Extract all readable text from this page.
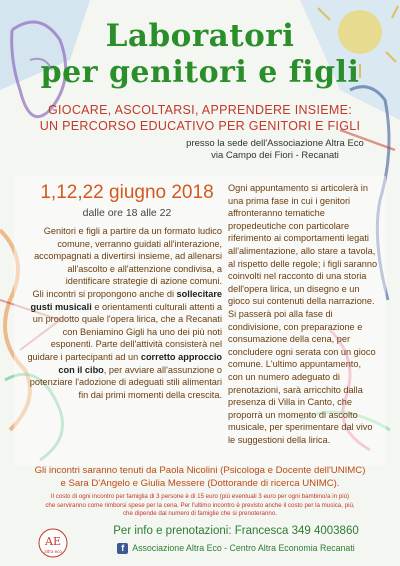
Laboratori
per genitori e figli
GIOCARE, ASCOLTARSI, APPRENDERE INSIEME:
UN PERCORSO EDUCATIVO PER GENITORI E FIGLI
presso la sede dell'Associazione Altra Eco
via Campo dei Fiori - Recanati
1,12,22 giugno 2018
dalle ore 18 alle 22

Genitori e figli a partire da un formato ludico comune, verranno guidati all'interazione, accompagnati a divertirsi insieme, ad allenarsi all'ascolto e all'attenzione condivisa, a identificare strategie di azione comuni.

Gli incontri si propongono anche di sollecitare gusti musicali e orientamenti culturali attenti a un prodotto quale l'opera lirica, che a Recanati con Beniamino Gigli ha uno dei più noti esponenti. Parte dell'attività consisterà nel guidare i partecipanti ad un corretto approccio con il cibo, per avviare all'assunzione o potenziare l'adozione di adeguati stili alimentari fin dai primi momenti della crescita.

Ogni appuntamento si articolerà in una prima fase in cui i genitori affronteranno tematiche propedeutiche con particolare riferimento ai comportamenti legati all'alimentazione, allo stare a tavola, al rispetto delle regole; i figli saranno coinvolti nel racconto di una storia dell'opera lirica, un disegno e un gioco sui contenuti della narrazione.

Si passerà poi alla fase di condivisione, con preparazione e consumazione della cena, per concludere ogni serata con un gioco comune. L'ultimo appuntamento, con un numero adeguato di prenotazioni, sarà arricchito dalla presenza di Villa in Canto, che proporrà un momento di ascolto musicale, per sperimentare dal vivo le suggestioni della lirica.

Gli incontri saranno tenuti da Paola Nicolini (Psicologa e Docente dell'UNIMC)
e Sara D'Angelo e Giulia Messere (Dottorande di ricerca UNIMC).
Il costo di ogni incontro per famiglia di 3 persone è di 15 euro (più eventuali 3 euro per ogni bambino/a in più)
che serviranno come rimborsi spese per la cena. Per l'ultimo incontro è previsto anche il costo per la musica, più,
che dipende dal numero di famiglie che si prenoteranno.
AE
altra eco
Per info e prenotazioni: Francesca 349 4003860
f Associazione Altra Eco - Centro Altra Economia Recanati
